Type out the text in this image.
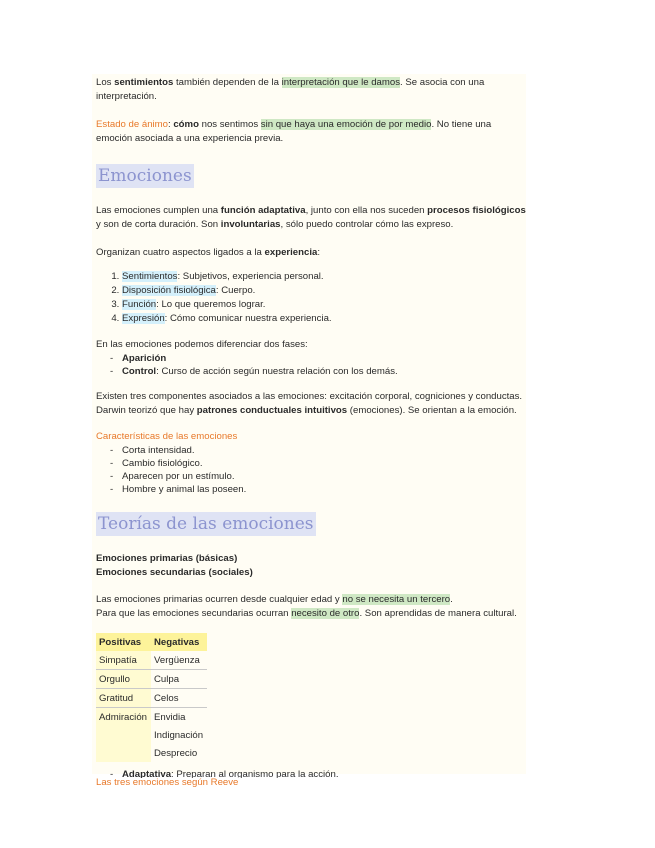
Los sentimientos también dependen de la interpretación que le damos. Se asocia con una interpretación.

Estado de ánimo: cómo nos sentimos sin que haya una emoción de por medio. No tiene una emoción asociada a una experiencia previa.

Emociones

Las emociones cumplen una función adaptativa, junto con ella nos suceden procesos fisiológicos y son de corta duración. Son involuntarias, sólo puedo controlar cómo las expreso.

Organizan cuatro aspectos ligados a la experiencia:

1. Sentimientos: Subjetivos, experiencia personal.
2. Disposición fisiológica: Cuerpo.
3. Función: Lo que queremos lograr.
4. Expresión: Cómo comunicar nuestra experiencia.

En las emociones podemos diferenciar dos fases:

- Aparición
- Control: Curso de acción según nuestra relación con los demás.

Existen tres componentes asociados a las emociones: excitación corporal, cogniciones y conductas.
Darwin teorizó que hay patrones conductuales intuitivos (emociones). Se orientan a la emoción.

Características de las emociones

- Corta intensidad.
- Cambio fisiológico.
- Aparecen por un estímulo.
- Hombre y animal las poseen.
Teorías de las emociones

Emociones primarias (básicas)
Emociones secundarias (sociales)

Las emociones primarias ocurren desde cualquier edad y no se necesita un tercero.
Para que las emociones secundarias ocurran necesito de otro. Son aprendidas de manera cultural.

Positivas	Negativas
Simpatía	Vergüenza
Orgullo	Culpa
Gratitud	Celos
Admiración	Envidia
	Indignación
	Desprecio

Las tres emociones según Reeve

- Adaptativa: Preparan al organismo para la acción.
